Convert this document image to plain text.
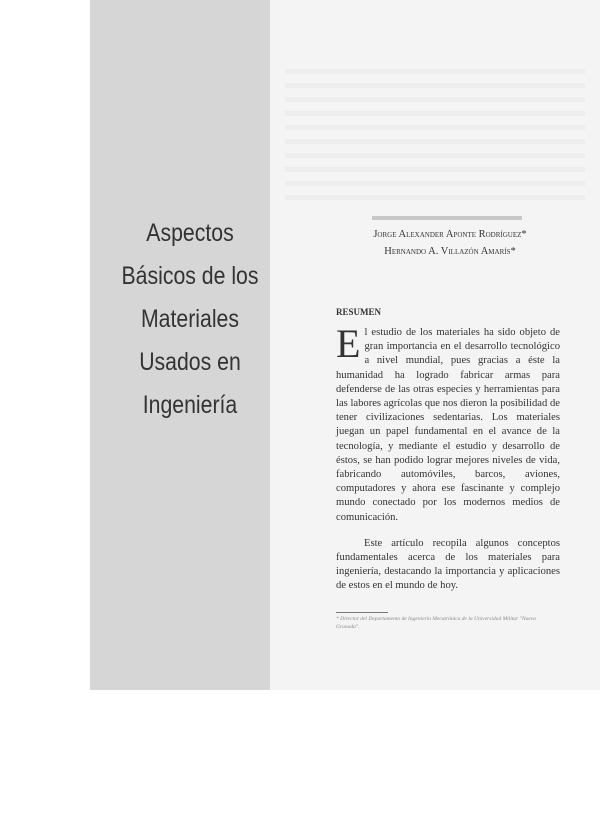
Aspectos
Básicos de los
Materiales
Usados en
Ingeniería
Jorge Alexander Aponte Rodríguez*
Hernando A. Villazón Amarís*
RESUMEN

El estudio de los materiales ha sido objeto de gran importancia en el desarrollo tecnológico a nivel mundial, pues gracias a éste la humanidad ha logrado fabricar armas para defenderse de las otras especies y herramientas para las labores agrícolas que nos dieron la posibilidad de tener civilizaciones sedentarias. Los materiales juegan un papel fundamental en el avance de la tecnología, y mediante el estudio y desarrollo de éstos, se han podido lograr mejores niveles de vida, fabricando automóviles, barcos, aviones, computadores y ahora ese fascinante y complejo mundo conectado por los modernos medios de comunicación.

Este artículo recopila algunos conceptos fundamentales acerca de los materiales para ingeniería, destacando la importancia y aplicaciones de estos en el mundo de hoy.

* Director del Departamento de Ingeniería Mecatrónica de la Universidad Militar "Nueva Granada".
